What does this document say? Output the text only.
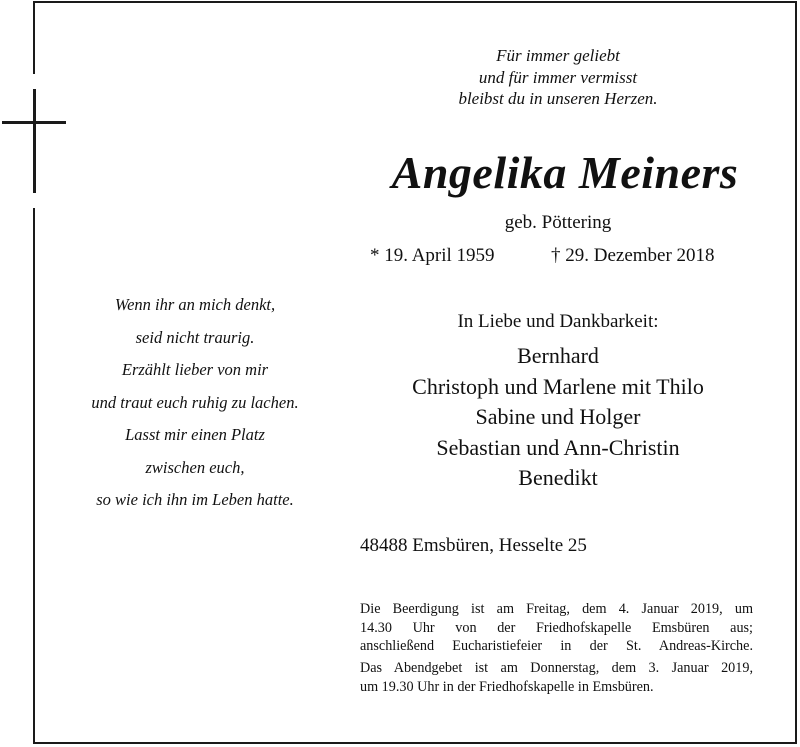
Für immer geliebt
und für immer vermisst
bleibst du in unseren Herzen.
Angelika Meiners
geb. Pöttering
* 19. April 1959	† 29. Dezember 2018
Wenn ihr an mich denkt,
seid nicht traurig.
Erzählt lieber von mir
und traut euch ruhig zu lachen.
Lasst mir einen Platz
zwischen euch,
so wie ich ihn im Leben hatte.
In Liebe und Dankbarkeit:
Bernhard
Christoph und Marlene mit Thilo
Sabine und Holger
Sebastian und Ann-Christin
Benedikt
48488 Emsbüren, Hesselte 25
Die Beerdigung ist am Freitag, dem 4. Januar 2019, um
14.30 Uhr von der Friedhofskapelle Emsbüren aus;
anschließend Eucharistiefeier in der St. Andreas-Kirche.
Das Abendgebet ist am Donnerstag, dem 3. Januar 2019,
um 19.30 Uhr in der Friedhofskapelle in Emsbüren.
